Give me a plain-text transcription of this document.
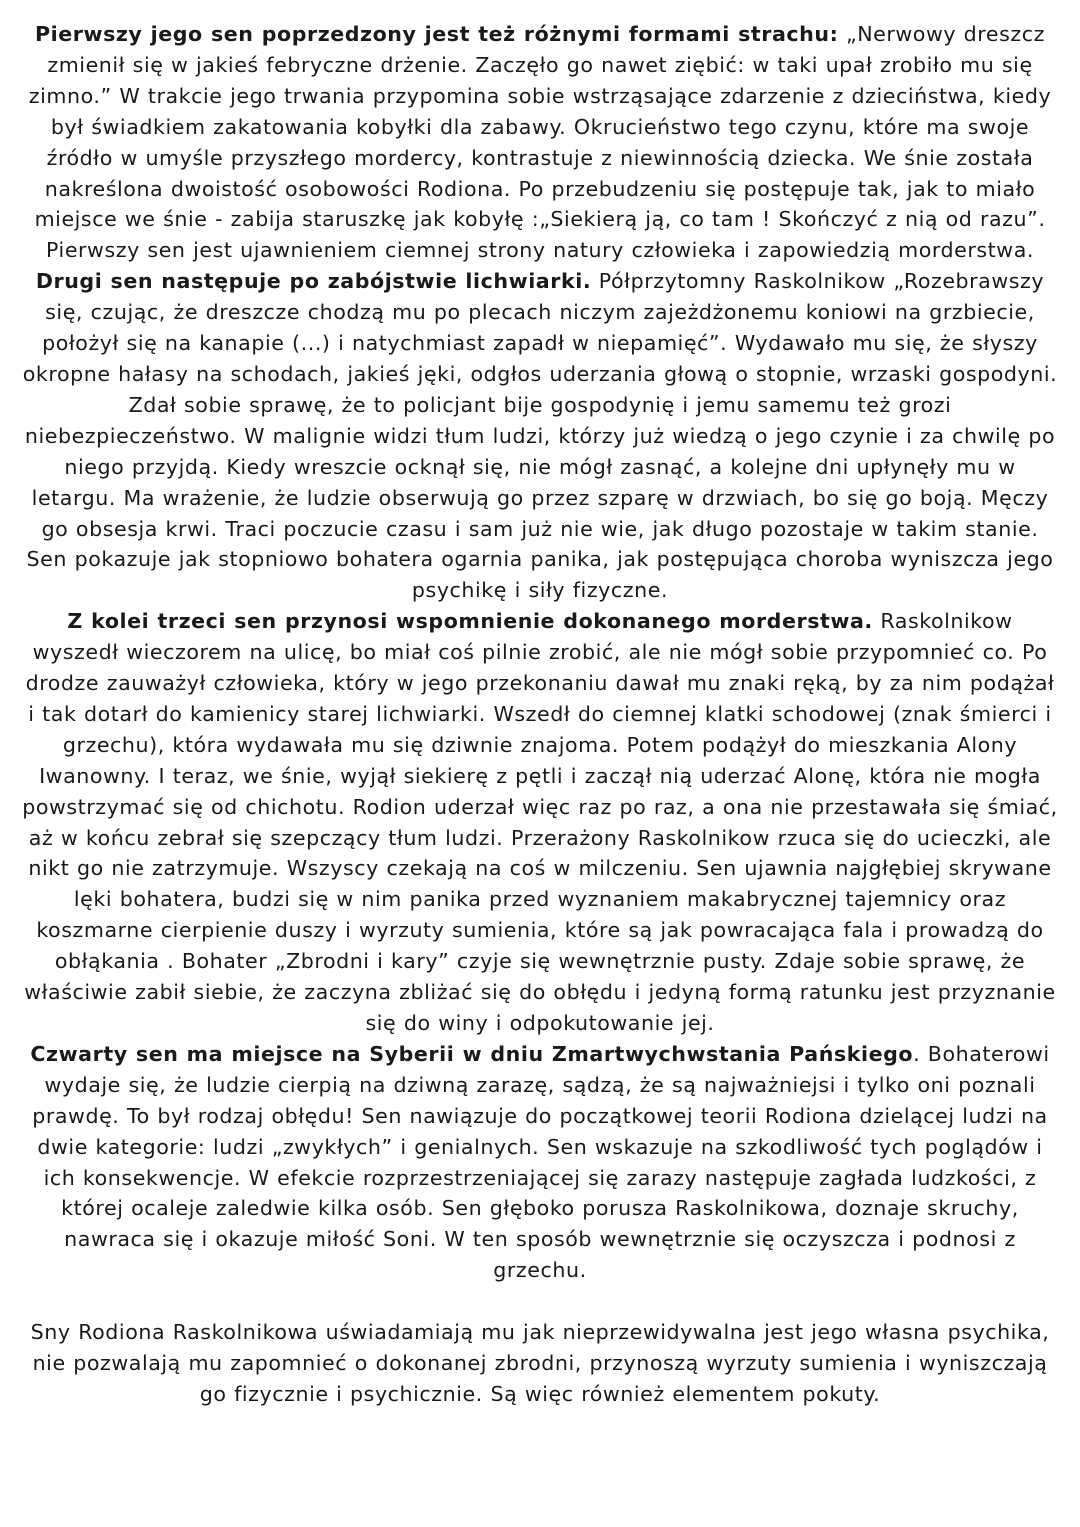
Pierwszy jego sen poprzedzony jest też różnymi formami strachu: „Nerwowy dreszcz zmienił się w jakieś febryczne drżenie. Zaczęło go nawet ziębić: w taki upał zrobiło mu się zimno.” W trakcie jego trwania przypomina sobie wstrząsające zdarzenie z dzieciństwa, kiedy był świadkiem zakatowania kobyłki dla zabawy. Okrucieństwo tego czynu, które ma swoje źródło w umyśle przyszłego mordercy, kontrastuje z niewinnością dziecka. We śnie została nakreślona dwoistość osobowości Rodiona. Po przebudzeniu się postępuje tak, jak to miało miejsce we śnie - zabija staruszkę jak kobyłę :„Siekierą ją, co tam ! Skończyć z nią od razu”. Pierwszy sen jest ujawnieniem ciemnej strony natury człowieka i zapowiedzią morderstwa.

Drugi sen następuje po zabójstwie lichwiarki. Półprzytomny Raskolnikow „Rozebrawszy się, czując, że dreszcze chodzą mu po plecach niczym zajeżdżonemu koniowi na grzbiecie, położył się na kanapie (...) i natychmiast zapadł w niepamięć”. Wydawało mu się, że słyszy okropne hałasy na schodach, jakieś jęki, odgłos uderzania głową o stopnie, wrzaski gospodyni. Zdał sobie sprawę, że to policjant bije gospodynię i jemu samemu też grozi niebezpieczeństwo. W malignie widzi tłum ludzi, którzy już wiedzą o jego czynie i za chwilę po niego przyjdą. Kiedy wreszcie ocknął się, nie mógł zasnąć, a kolejne dni upłynęły mu w letargu. Ma wrażenie, że ludzie obserwują go przez szparę w drzwiach, bo się go boją. Męczy go obsesja krwi. Traci poczucie czasu i sam już nie wie, jak długo pozostaje w takim stanie. Sen pokazuje jak stopniowo bohatera ogarnia panika, jak postępująca choroba wyniszcza jego psychikę i siły fizyczne.

Z kolei trzeci sen przynosi wspomnienie dokonanego morderstwa. Raskolnikow wyszedł wieczorem na ulicę, bo miał coś pilnie zrobić, ale nie mógł sobie przypomnieć co. Po drodze zauważył człowieka, który w jego przekonaniu dawał mu znaki ręką, by za nim podążał i tak dotarł do kamienicy starej lichwiarki. Wszedł do ciemnej klatki schodowej (znak śmierci i grzechu), która wydawała mu się dziwnie znajoma. Potem podążył do mieszkania Alony Iwanowny. I teraz, we śnie, wyjął siekierę z pętli i zaczął nią uderzać Alonę, która nie mogła powstrzymać się od chichotu. Rodion uderzał więc raz po raz, a ona nie przestawała się śmiać, aż w końcu zebrał się szepczący tłum ludzi. Przerażony Raskolnikow rzuca się do ucieczki, ale nikt go nie zatrzymuje. Wszyscy czekają na coś w milczeniu. Sen ujawnia najgłębiej skrywane lęki bohatera, budzi się w nim panika przed wyznaniem makabrycznej tajemnicy oraz koszmarne cierpienie duszy i wyrzuty sumienia, które są jak powracająca fala i prowadzą do obłąkania . Bohater „Zbrodni i kary” czyje się wewnętrznie pusty. Zdaje sobie sprawę, że właściwie zabił siebie, że zaczyna zbliżać się do obłędu i jedyną formą ratunku jest przyznanie się do winy i odpokutowanie jej.

Czwarty sen ma miejsce na Syberii w dniu Zmartwychwstania Pańskiego. Bohaterowi wydaje się, że ludzie cierpią na dziwną zarazę, sądzą, że są najważniejsi i tylko oni poznali prawdę. To był rodzaj obłędu! Sen nawiązuje do początkowej teorii Rodiona dzielącej ludzi na dwie kategorie: ludzi „zwykłych” i genialnych. Sen wskazuje na szkodliwość tych poglądów i ich konsekwencje. W efekcie rozprzestrzeniającej się zarazy następuje zagłada ludzkości, z której ocaleje zaledwie kilka osób. Sen głęboko porusza Raskolnikowa, doznaje skruchy, nawraca się i okazuje miłość Soni. W ten sposób wewnętrznie się oczyszcza i podnosi z grzechu.

Sny Rodiona Raskolnikowa uświadamiają mu jak nieprzewidywalna jest jego własna psychika, nie pozwalają mu zapomnieć o dokonanej zbrodni, przynoszą wyrzuty sumienia i wyniszczają go fizycznie i psychicznie. Są więc również elementem pokuty.
